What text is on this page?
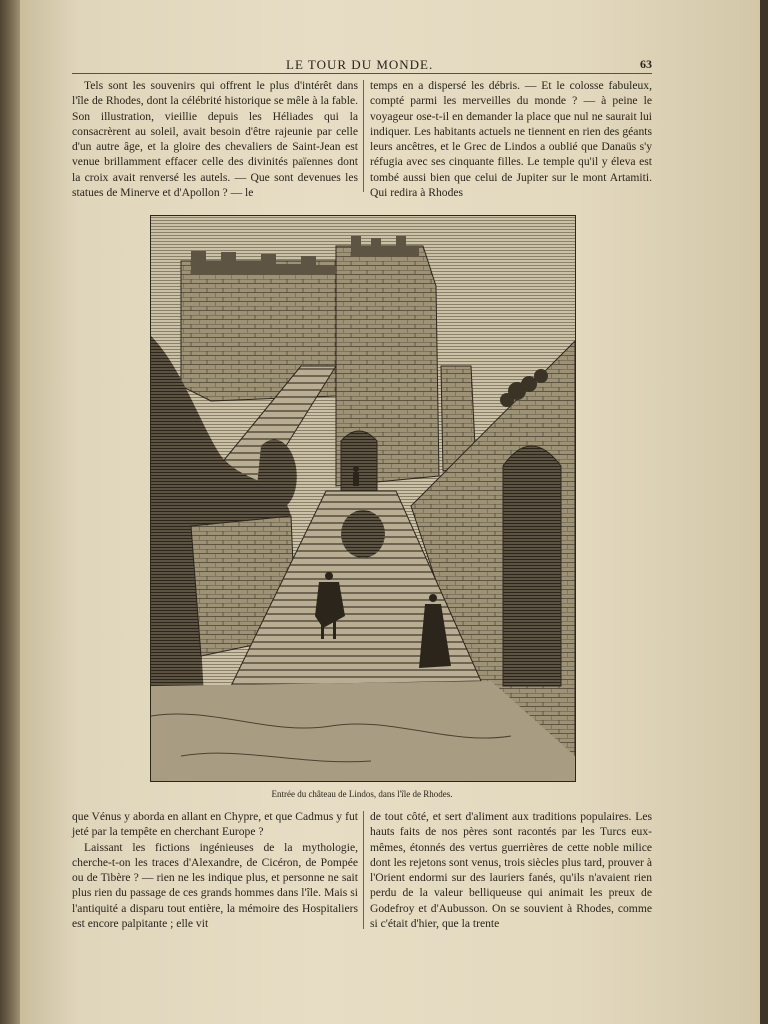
LE TOUR DU MONDE.	63

Tels sont les souvenirs qui offrent le plus d'intérêt dans l'île de Rhodes, dont la célébrité historique se mêle à la fable. Son illustration, vieillie depuis les Héliades qui la consacrèrent au soleil, avait besoin d'être rajeunie par celle d'un autre âge, et la gloire des chevaliers de Saint-Jean est venue brillamment effacer celle des divinités païennes dont la croix avait renversé les autels. — Que sont devenues les statues de Minerve et d'Apollon ? — le

temps en a dispersé les débris. — Et le colosse fabuleux, compté parmi les merveilles du monde ? — à peine le voyageur ose-t-il en demander la place que nul ne saurait lui indiquer. Les habitants actuels ne tiennent en rien des géants leurs ancêtres, et le Grec de Lindos a oublié que Danaüs s'y réfugia avec ses cinquante filles. Le temple qu'il y éleva est tombé aussi bien que celui de Jupiter sur le mont Artamiti. Qui redira à Rhodes

Entrée du château de Lindos, dans l'île de Rhodes.

que Vénus y aborda en allant en Chypre, et que Cadmus y fut jeté par la tempête en cherchant Europe ?

Laissant les fictions ingénieuses de la mythologie, cherche-t-on les traces d'Alexandre, de Cicéron, de Pompée ou de Tibère ? — rien ne les indique plus, et personne ne sait plus rien du passage de ces grands hommes dans l'île. Mais si l'antiquité a disparu tout entière, la mémoire des Hospitaliers est encore palpitante ; elle vit

de tout côté, et sert d'aliment aux traditions populaires. Les hauts faits de nos pères sont racontés par les Turcs eux-mêmes, étonnés des vertus guerrières de cette noble milice dont les rejetons sont venus, trois siècles plus tard, prouver à l'Orient endormi sur des lauriers fanés, qu'ils n'avaient rien perdu de la valeur belliqueuse qui animait les preux de Godefroy et d'Aubusson. On se souvient à Rhodes, comme si c'était d'hier, que la trente
